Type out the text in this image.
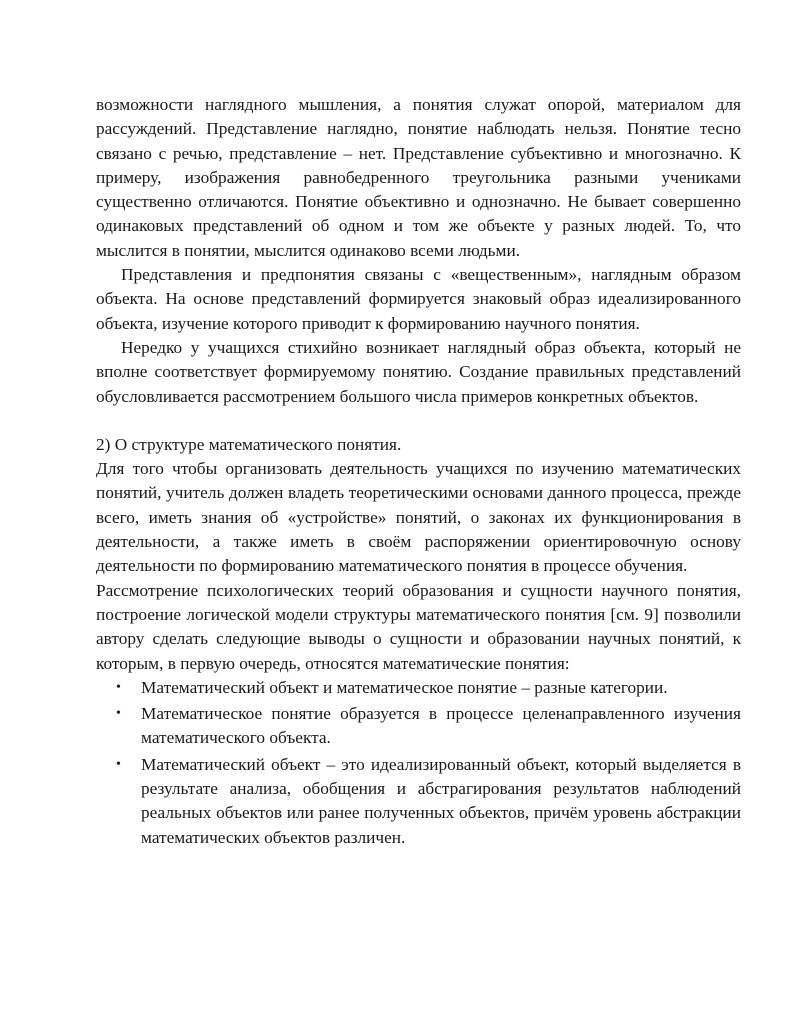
возможности наглядного мышления, а понятия служат опорой, материалом для рассуждений. Представление наглядно, понятие наблюдать нельзя. Понятие тесно связано с речью, представление – нет. Представление субъективно и многозначно. К примеру, изображения равнобедренного треугольника разными учениками существенно отличаются. Понятие объективно и однозначно. Не бывает совершенно одинаковых представлений об одном и том же объекте у разных людей. То, что мыслится в понятии, мыслится одинаково всеми людьми.

Представления и предпонятия связаны с «вещественным», наглядным образом объекта. На основе представлений формируется знаковый образ идеализированного объекта, изучение которого приводит к формированию научного понятия.

Нередко у учащихся стихийно возникает наглядный образ объекта, который не вполне соответствует формируемому понятию. Создание правильных представлений обусловливается рассмотрением большого числа примеров конкретных объектов.

2) О структуре математического понятия.

Для того чтобы организовать деятельность учащихся по изучению математических понятий, учитель должен владеть теоретическими основами данного процесса, прежде всего, иметь знания об «устройстве» понятий, о законах их функционирования в деятельности, а также иметь в своём распоряжении ориентировочную основу деятельности по формированию математического понятия в процессе обучения.

Рассмотрение психологических теорий образования и сущности научного понятия, построение логической модели структуры математического понятия [см. 9] позволили автору сделать следующие выводы о сущности и образовании научных понятий, к которым, в первую очередь, относятся математические понятия:

• Математический объект и математическое понятие – разные категории.
• Математическое понятие образуется в процессе целенаправленного изучения математического объекта.
• Математический объект – это идеализированный объект, который выделяется в результате анализа, обобщения и абстрагирования результатов наблюдений реальных объектов или ранее полученных объектов, причём уровень абстракции математических объектов различен.
